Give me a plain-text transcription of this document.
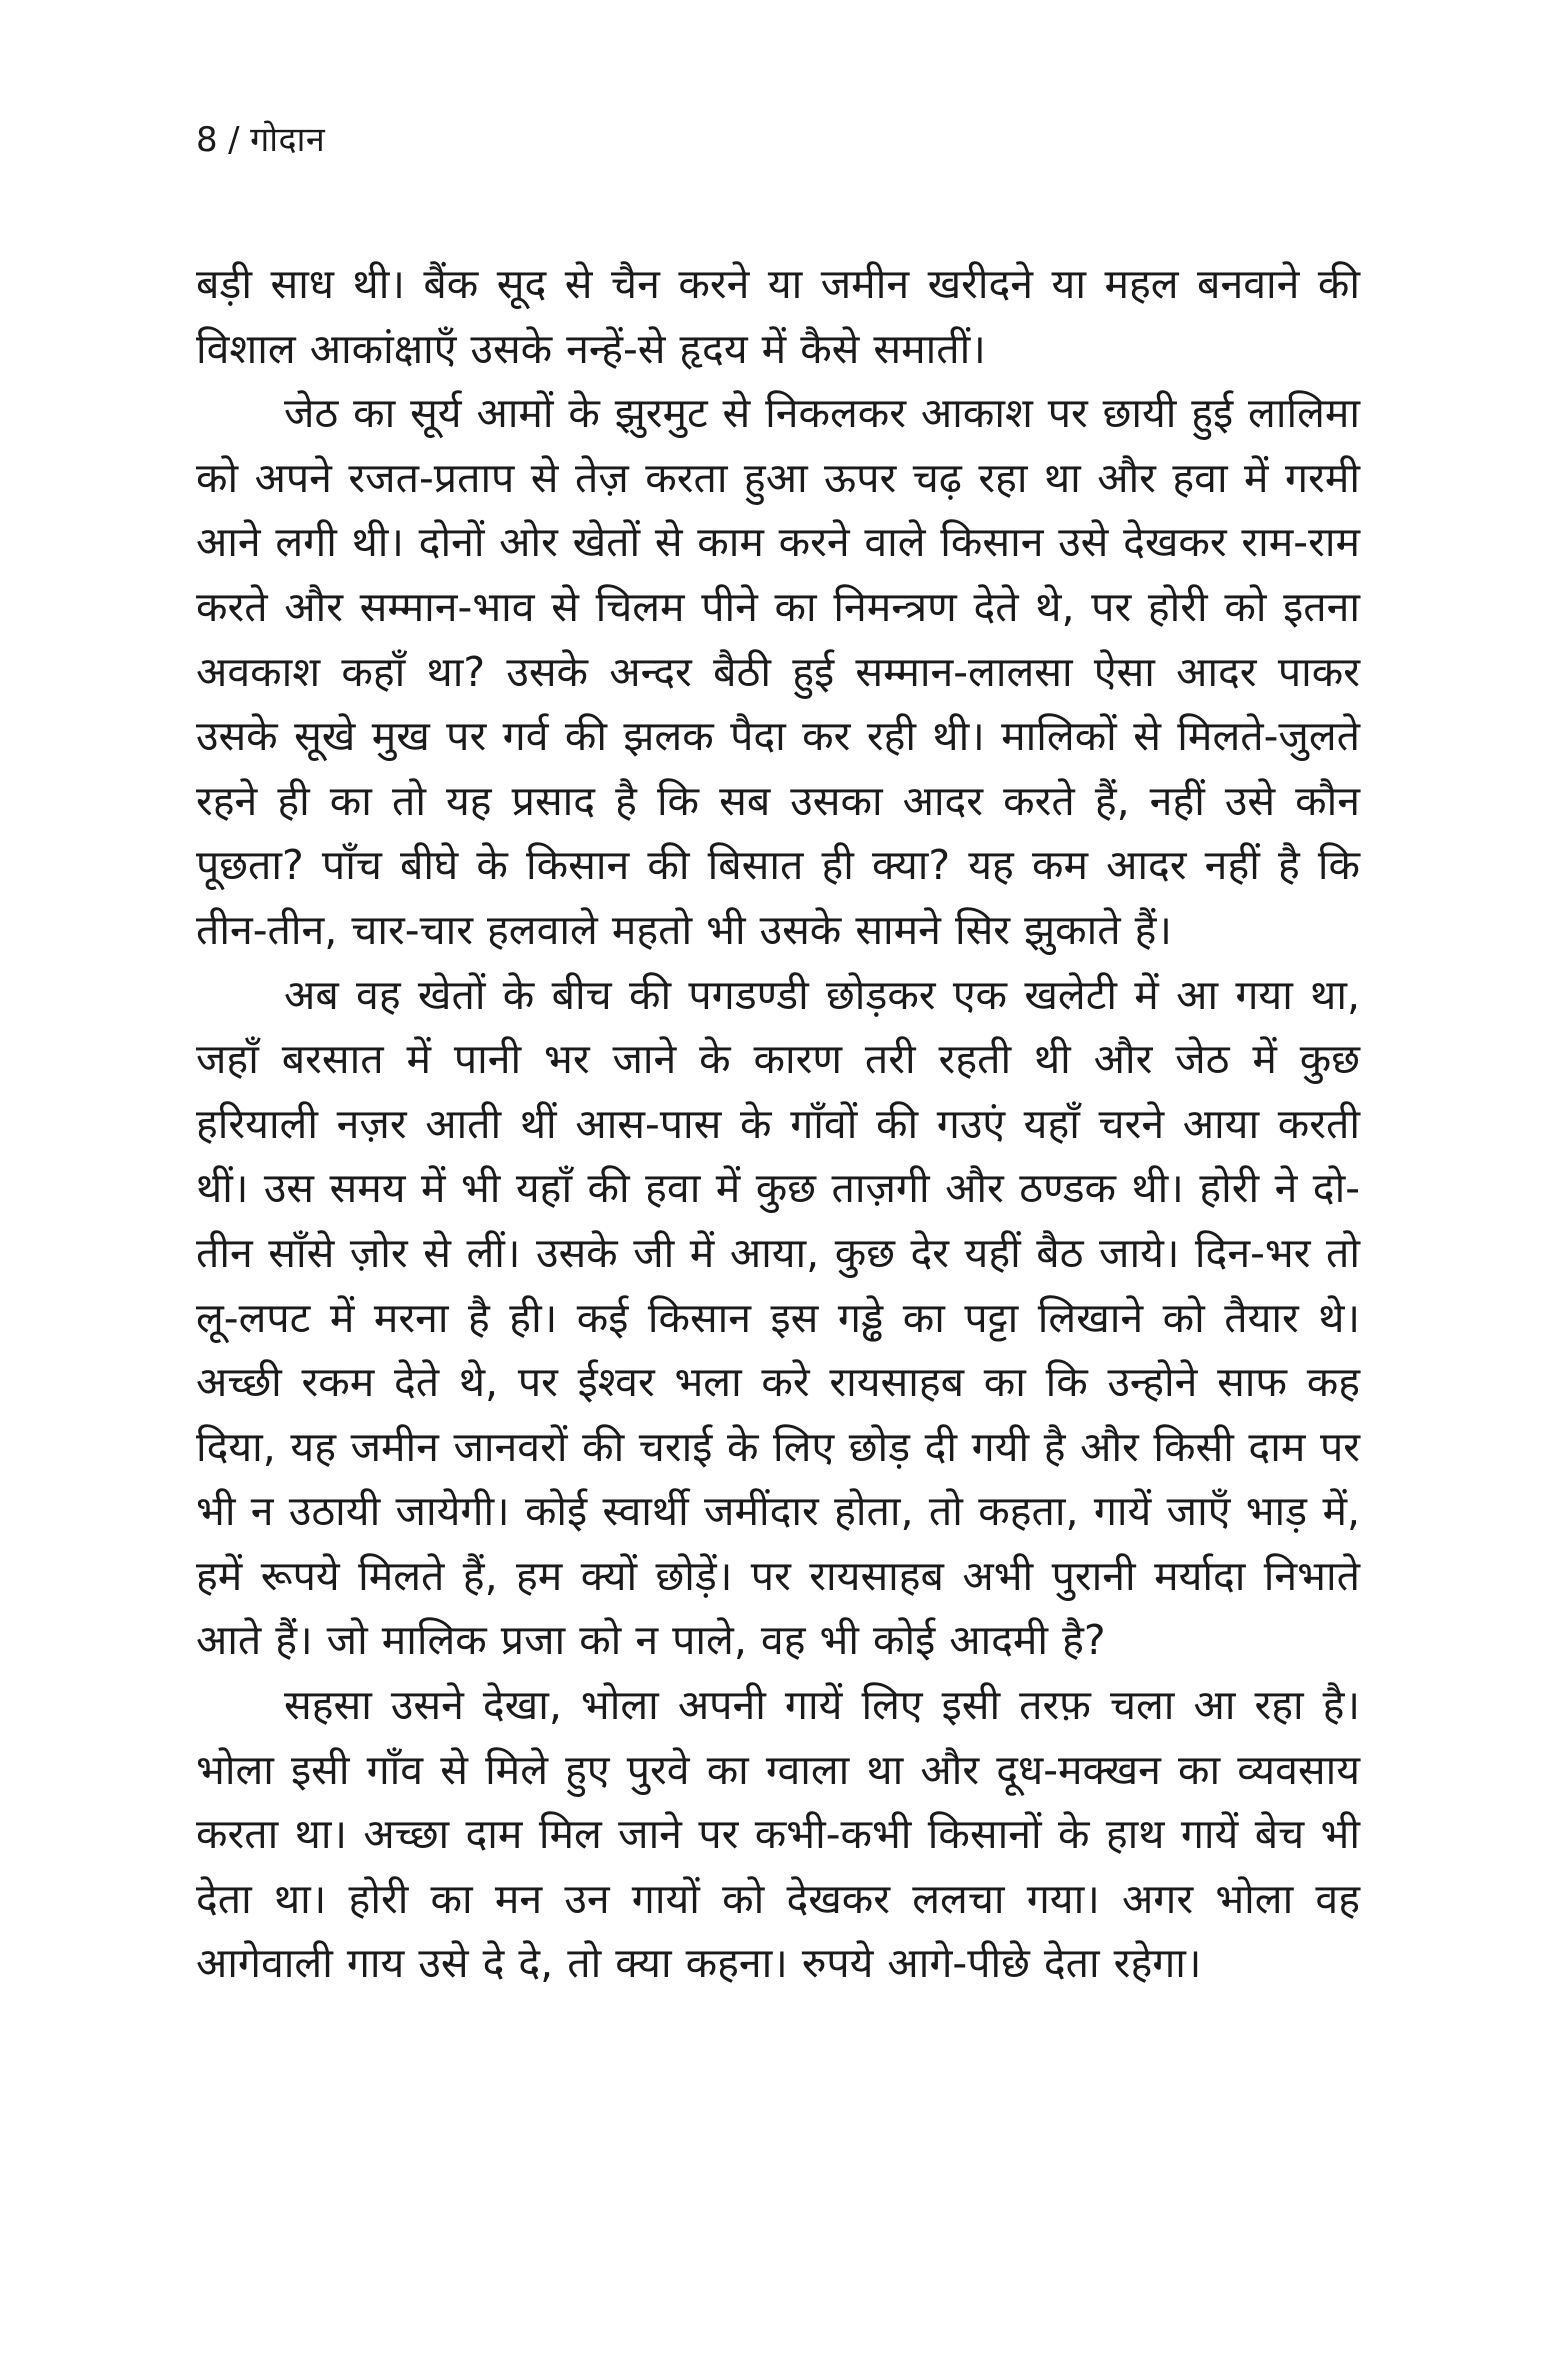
8 / गोदान

बड़ी साध थी। बैंक सूद से चैन करने या जमीन खरीदने या महल बनवाने की विशाल आकांक्षाएँ उसके नन्हें-से हृदय में कैसे समातीं।

जेठ का सूर्य आमों के झुरमुट से निकलकर आकाश पर छायी हुई लालिमा को अपने रजत-प्रताप से तेज़ करता हुआ ऊपर चढ़ रहा था और हवा में गरमी आने लगी थी। दोनों ओर खेतों से काम करने वाले किसान उसे देखकर राम-राम करते और सम्मान-भाव से चिलम पीने का निमन्त्रण देते थे, पर होरी को इतना अवकाश कहाँ था? उसके अन्दर बैठी हुई सम्मान-लालसा ऐसा आदर पाकर उसके सूखे मुख पर गर्व की झलक पैदा कर रही थी। मालिकों से मिलते-जुलते रहने ही का तो यह प्रसाद है कि सब उसका आदर करते हैं, नहीं उसे कौन पूछता? पाँच बीघे के किसान की बिसात ही क्या? यह कम आदर नहीं है कि तीन-तीन, चार-चार हलवाले महतो भी उसके सामने सिर झुकाते हैं।

अब वह खेतों के बीच की पगडण्डी छोड़कर एक खलेटी में आ गया था, जहाँ बरसात में पानी भर जाने के कारण तरी रहती थी और जेठ में कुछ हरियाली नज़र आती थीं आस-पास के गाँवों की गउएं यहाँ चरने आया करती थीं। उस समय में भी यहाँ की हवा में कुछ ताज़गी और ठण्डक थी। होरी ने दो-तीन साँसे ज़ोर से लीं। उसके जी में आया, कुछ देर यहीं बैठ जाये। दिन-भर तो लू-लपट में मरना है ही। कई किसान इस गड्ढे का पट्टा लिखाने को तैयार थे। अच्छी रकम देते थे, पर ईश्वर भला करे रायसाहब का कि उन्होने साफ कह दिया, यह जमीन जानवरों की चराई के लिए छोड़ दी गयी है और किसी दाम पर भी न उठायी जायेगी। कोई स्वार्थी जमींदार होता, तो कहता, गायें जाएँ भाड़ में, हमें रूपये मिलते हैं, हम क्यों छोड़ें। पर रायसाहब अभी पुरानी मर्यादा निभाते आते हैं। जो मालिक प्रजा को न पाले, वह भी कोई आदमी है?

सहसा उसने देखा, भोला अपनी गायें लिए इसी तरफ़ चला आ रहा है। भोला इसी गाँव से मिले हुए पुरवे का ग्वाला था और दूध-मक्खन का व्यवसाय करता था। अच्छा दाम मिल जाने पर कभी-कभी किसानों के हाथ गायें बेच भी देता था। होरी का मन उन गायों को देखकर ललचा गया। अगर भोला वह आगेवाली गाय उसे दे दे, तो क्या कहना। रुपये आगे-पीछे देता रहेगा।
